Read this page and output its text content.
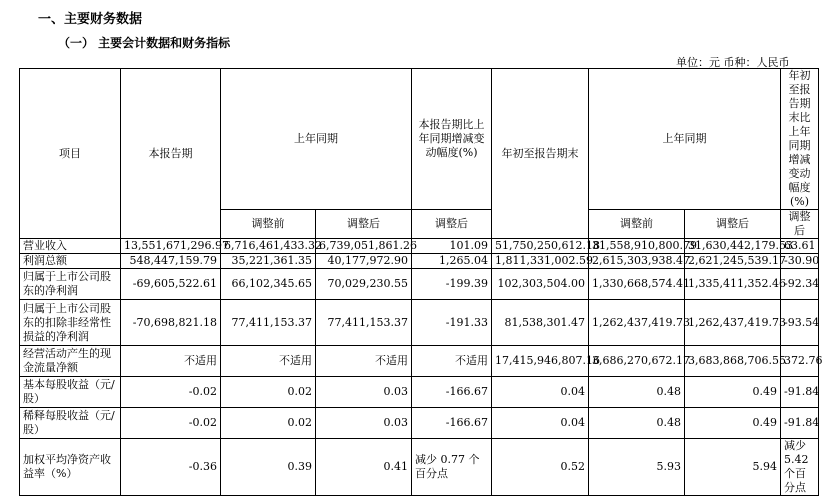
一、主要财务数据
（一） 主要会计数据和财务指标
单位：元 币种：人民币
项目	本报告期	上年同期		本报告期比上年同期增减变动幅度(%)	年初至报告期末	上年同期		年初至报告期末比上年同期增减变动幅度(%)
		调整前	调整后	调整后		调整前	调整后	调整后
营业收入	13,551,671,296.97	6,716,461,433.32	6,739,051,861.26	101.09	51,750,250,612.18	31,558,910,800.79	31,630,442,179.53	63.61
利润总额	548,447,159.79	35,221,361.35	40,177,972.90	1,265.04	1,811,331,002.59	2,615,303,938.47	2,621,245,539.17	-30.90
归属于上市公司股东的净利润	-69,605,522.61	66,102,345.65	70,029,230.55	-199.39	102,303,504.00	1,330,668,574.41	1,335,411,352.46	-92.34
归属于上市公司股东的扣除非经常性损益的净利润	-70,698,821.18	77,411,153.37	77,411,153.37	-191.33	81,538,301.47	1,262,437,419.73	1,262,437,419.73	-93.54
经营活动产生的现金流量净额	不适用	不适用	不适用	不适用	17,415,946,807.16	3,686,270,672.17	3,683,868,706.55	372.76
基本每股收益（元/股）	-0.02	0.02	0.03	-166.67	0.04	0.48	0.49	-91.84
稀释每股收益（元/股）	-0.02	0.02	0.03	-166.67	0.04	0.48	0.49	-91.84
加权平均净资产收益率（%）	-0.36	0.39	0.41	减少 0.77 个百分点	0.52	5.93	5.94	减少 5.42个百分点
